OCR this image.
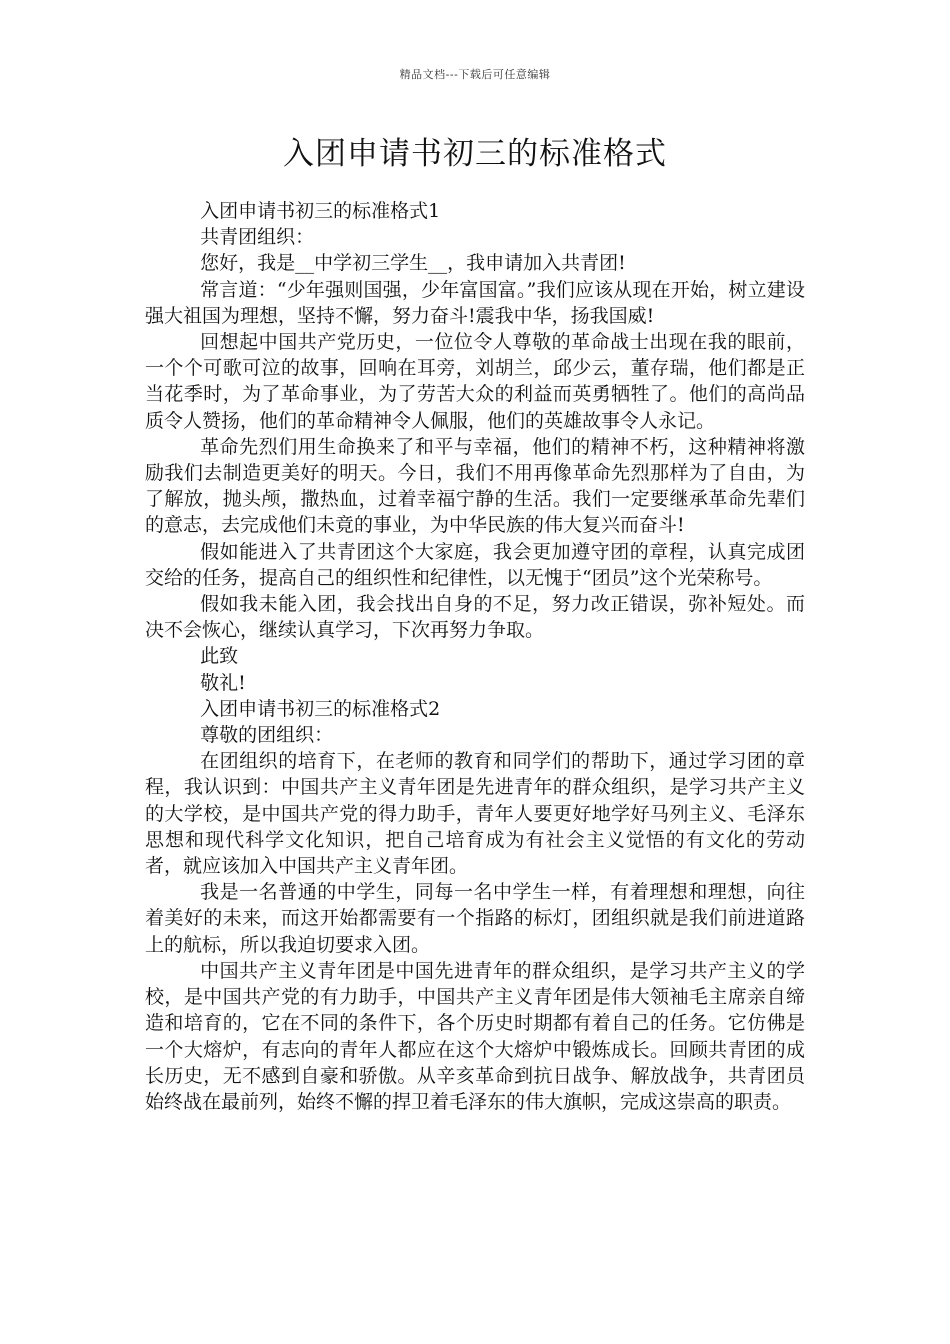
精品文档---下载后可任意编辑
入团申请书初三的标准格式

入团申请书初三的标准格式1

共青团组织：

您好，我是__中学初三学生__，我申请加入共青团!

常言道：“少年强则国强，少年富国富。”我们应该从现在开始，树立建设强大祖国为理想，坚持不懈，努力奋斗!震我中华，扬我国威!

回想起中国共产党历史，一位位令人尊敬的革命战士出现在我的眼前，一个个可歌可泣的故事，回响在耳旁，刘胡兰，邱少云，董存瑞，他们都是正当花季时，为了革命事业，为了劳苦大众的利益而英勇牺牲了。他们的高尚品质令人赞扬，他们的革命精神令人佩服，他们的英雄故事令人永记。

革命先烈们用生命换来了和平与幸福，他们的精神不朽，这种精神将激励我们去制造更美好的明天。今日，我们不用再像革命先烈那样为了自由，为了解放，抛头颅，撒热血，过着幸福宁静的生活。我们一定要继承革命先辈们的意志，去完成他们未竟的事业，为中华民族的伟大复兴而奋斗!

假如能进入了共青团这个大家庭，我会更加遵守团的章程，认真完成团交给的任务，提高自己的组织性和纪律性，以无愧于“团员”这个光荣称号。

假如我未能入团，我会找出自身的不足，努力改正错误，弥补短处。而决不会恢心，继续认真学习，下次再努力争取。

此致

敬礼!

入团申请书初三的标准格式2

尊敬的团组织：

在团组织的培育下，在老师的教育和同学们的帮助下，通过学习团的章程，我认识到：中国共产主义青年团是先进青年的群众组织，是学习共产主义的大学校，是中国共产党的得力助手，青年人要更好地学好马列主义、毛泽东思想和现代科学文化知识，把自己培育成为有社会主义觉悟的有文化的劳动者，就应该加入中国共产主义青年团。

我是一名普通的中学生，同每一名中学生一样，有着理想和理想，向往着美好的未来，而这开始都需要有一个指路的标灯，团组织就是我们前进道路上的航标，所以我迫切要求入团。

中国共产主义青年团是中国先进青年的群众组织，是学习共产主义的学校，是中国共产党的有力助手，中国共产主义青年团是伟大领袖毛主席亲自缔造和培育的，它在不同的条件下，各个历史时期都有着自己的任务。它仿佛是一个大熔炉，有志向的青年人都应在这个大熔炉中锻炼成长。回顾共青团的成长历史，无不感到自豪和骄傲。从辛亥革命到抗日战争、解放战争，共青团员始终战在最前列，始终不懈的捍卫着毛泽东的伟大旗帜，完成这崇高的职责。
